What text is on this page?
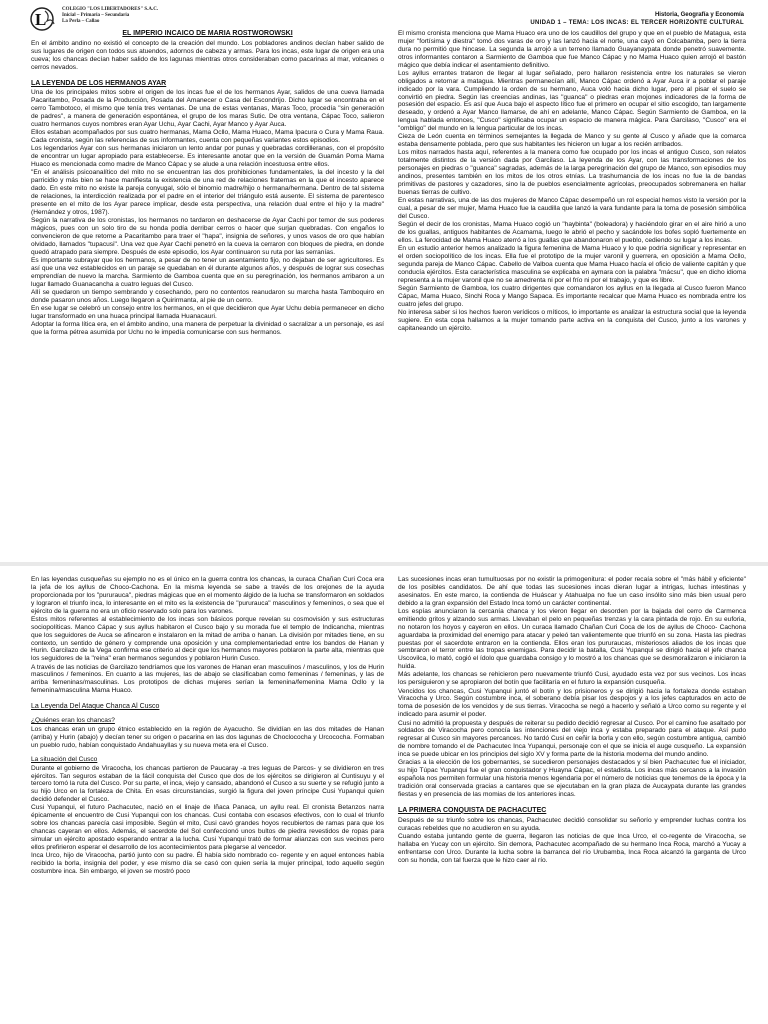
L
COLEGIO "LOS LIBERTADORES" S.A.C.
Inicial – Primaria – Secundaria
La Perla – Callao
Historia, Geografía y Economía
UNIDAD 1 – TEMA: LOS INCAS: EL TERCER HORIZONTE CULTURAL
EL IMPERIO INCAICO DE MARIA ROSTWOROWSKI

En el ámbito andino no existió el concepto de la creación del mundo. Los pobladores andinos decían haber salido de sus lugares de origen con todos sus atuendos, adornos de cabeza y armas. Para los incas, este lugar de origen era una cueva; los chancas decían haber salido de los lagunas mientras otros consideraban como pacarinas al mar, volcanes o cerros nevados.

LA LEYENDA DE LOS HERMANOS AYAR

Una de los principales mitos sobre el origen de los incas fue el de los hermanos Ayar, salidos de una cueva llamada Pacaritambo, Posada de la Producción, Posada del Amanecer o Casa del Escondrijo. Dicho lugar se encontraba en el cerro Tambotoco, el mismo que tenía tres ventanas. De una de estas ventanas, Maras Toco, procedía "sin generación de padres", a manera de generación espontánea, el grupo de los maras Sutic. De otra ventana, Cápac Toco, salieron cuatro hermanos cuyos nombres eran Ayar Uchu, Ayar Cachi, Ayar Manco y Ayar Auca.

Ellos estaban acompañados por sus cuatro hermanas, Mama Ocllo, Mama Huaco, Mama Ipacura o Cura y Mama Raua. Cada cronista, según las referencias de sus informantes, cuenta con pequeñas variantes estos episodios.

Los legendarios Ayar con sus hermanas iniciaron un lento andar por punas y quebradas cordilleranas, con el propósito de encontrar un lugar apropiado para establecerse. Es interesante anotar que en la versión de Guamán Poma Mama Huaco es mencionada como madre de Manco Cápac y se alude a una relación incestuosa entre ellos.

"En el análisis psicoanalítico del mito no se encuentran las dos prohibiciones fundamentales, la del incesto y la del parricidio y más bien se hace manifiesta la existencia de una red de relaciones fraternas en la que el incesto aparece dado. En este mito no existe la pareja conyugal, sólo el binomio madre/hijo o hermana/hermana. Dentro de tal sistema de relaciones, la interdicción realizada por el padre en el interior del triángulo está ausente. El sistema de parentesco presente en el mito de los Ayar parece implicar, desde esta perspectiva, una relación dual entre el hijo y la madre" (Hernández y otros, 1987).

Según la narrativa de los cronistas, los hermanos no tardaron en deshacerse de Ayar Cachi por temor de sus poderes mágicos, pues con un solo tiro de su honda podía derribar cerros o hacer que surjan quebradas. Con engaños lo convencieron de que retorne a Pacaritambo para traer el "hapa", insignia de señores, y unos vasos de oro que habían olvidado, llamados "tupacusi". Una vez que Ayar Cachi penetró en la cueva la cerraron con bloques de piedra, en donde quedó atrapado para siempre. Después de este episodio, los Ayar continuaron su ruta por las serranías.

Es importante subrayar que los hermanos, a pesar de no tener un asentamiento fijo, no dejaban de ser agricultores. Es así que una vez establecidos en un paraje se quedaban en él durante algunos años, y después de lograr sus cosechas emprendían de nuevo la marcha. Sarmiento de Gamboa cuenta que en su peregrinación, los hermanos arribaron a un lugar llamado Guanacancha a cuatro leguas del Cusco.

Allí se quedaron un tiempo sembrando y cosechando, pero no contentos reanudaron su marcha hasta Tamboquiro en donde pasaron unos años. Luego llegaron a Quirirmanta, al pie de un cerro.

En ese lugar se celebró un consejo entre los hermanos, en el que decidieron que Ayar Uchu debía permanecer en dicho lugar transformado en una huaca principal llamada Huanacauri.

Adoptar la forma lítica era, en el ámbito andino, una manera de perpetuar la divinidad o sacralizar a un personaje, es así que la forma pétrea asumida por Uchu no le impedía comunicarse con sus hermanos.

El mismo cronista menciona que Mama Huaco era uno de los caudillos del grupo y que en el pueblo de Matagua, esta mujer "fortísima y diestra" tomó dos varas de oro y las lanzó hacia el norte, una cayó en Colcabamba, pero la tierra dura no permitió que hincase. La segunda la arrojó a un terreno llamado Guayanaypata donde penetró suavemente. otros informantes contaron a Sarmiento de Gamboa que fue Manco Cápac y no Mama Huaco quien arrojó el bastón mágico que debía indicar el asentamiento definitivo.

Los ayllus errantes trataron de llegar al lugar señalado, pero hallaron resistencia entre los naturales se vieron obligados a retornar a matagua. Mientras permanecían allí, Manco Cápac ordenó a Ayar Auca ir a poblar el paraje indicado por la vara. Cumpliendo la orden de su hermano, Auca voló hacia dicho lugar, pero al pisar el suelo se convirtió en piedra. Según las creencias andinas, las "guanca" o piedras eran mojones indicadores de la forma de posesión del espacio. Es así que Auca bajo el aspecto lítico fue el primero en ocupar el sitio escogido, tan largamente deseado, y ordenó a Ayar Manco llamarse, de ahí en adelante, Manco Cápac. Según Sarmiento de Gamboa, en la lengua hablada entonces, "Cusco" significaba ocupar un espacio de manera mágica. Para Garcilaso, "Cusco" era el "ombligo" del mundo en la lengua particular de los incas.

Cieza de León cuenta en términos semejantes la llegada de Manco y su gente al Cusco y añade que la comarca estaba densamente poblada, pero que sus habitantes les hicieron un lugar a los recién arribados.

Los mitos narrados hasta aquí, referentes a la manera como fue ocupado por los incas el antiguo Cusco, son relatos totalmente distintos de la versión dada por Garcilaso. La leyenda de los Ayar, con las transformaciones de los personajes en piedras o "guanca" sagradas, además de la larga peregrinación del grupo de Manco, son episodios muy andinos, presentes también en los mitos de los otros etnías. La trashumancia de los incas no fue la de bandas primitivas de pastores y cazadores, sino la de pueblos esencialmente agrícolas, preocupados sobremanera en hallar buenas tierras de cultivo.

En estas narrativas, una de las dos mujeres de Manco Cápac desempeñó un rol especial hemos visto la versión por la cual, a pesar de ser mujer, Mama Huaco fue la caudilla que lanzó la vara fundante para la toma de posesión simbólica del Cusco.

Según el decir de los cronistas, Mama Huaco cogió un "haybinta" (boleadora) y haciéndolo girar en el aire hirió a uno de los guallas, antiguos habitantes de Acamama, luego le abrió el pecho y sacándole los bofes sopló fuertemente en ellos. La ferocidad de Mama Huaco aterró a los guallas que abandonaron el pueblo, cediendo su lugar a los incas.

En un estudio anterior hemos analizado la figura femenina de Mama Huaco y lo que podría significar y representar en el orden sociopolítico de los incas. Ella fue el prototipo de la mujer varonil y guerrera, en oposición a Mama Ocllo, segunda pareja de Manco Cápac. Cabello de Valboa cuenta que Mama Huaco hacía el oficio de valiente capitán y que conducía ejércitos. Esta característica masculina se explicaba en aymara con la palabra "mácsu", que en dicho idioma representa a la mujer varonil que no se amedrenta ni por el frío ni por el trabajo, y que es libre.

Según Sarmiento de Gamboa, los cuatro dirigentes que comandaron los ayllus en la llegada al Cusco fueron Manco Cápac, Mama Huaco, Sinchi Roca y Mango Sapaca. Es importante recalcar que Mama Huaco es nombrada entre los cuatro jefes del grupo.

No interesa saber si los hechos fueron verídicos o míticos, lo importante es analizar la estructura social que la leyenda sugiere. En esta copa hallamos a la mujer tomando parte activa en la conquista del Cusco, junto a los varones y capitaneando un ejército.

En las leyendas cusqueñas su ejemplo no es el único en la guerra contra los chancas, la curaca Chañan Curi Coca era la jefa de los ayllus de Choco-Cachona. En la misma leyenda se sabe a través de los orejones de la ayuda proporcionada por los "pururauca", piedras mágicas que en el momento álgido de la lucha se transformaron en soldados y lograron el triunfo inca, lo interesante en el mito es la existencia de "pururauca" masculinos y femeninos, o sea que el ejército de la guerra no era un oficio reservado solo para los varones.

Estos mitos referentes al establecimiento de los incas son básicos porque revelan su cosmovisión y sus estructuras sociopolíticas. Manco Cápac y sus ayllus habitaron el Cusco bajo y su morada fue el templo de Indicancha, mientras que los seguidores de Auca se afincaron e instalaron en la mitad de arriba o hanan. La división por mitades tiene, en su contexto, un sentido de género y comprende una oposición y una complementariedad entre los bandos de Hanan y Hurin. Garcilazo de la Vega confirma ese criterio al decir que los hermanos mayores poblaron la parte alta, mientras que los seguidores de la "reina" eran hermanos segundos y poblaron Hurin Cusco.

A través de las noticias de Garcilazo tendríamos que los varones de Hanan eran masculinos / masculinos, y los de Hurin masculinos / femeninos. En cuanto a las mujeres, las de abajo se clasificaban como femeninas / femeninas, y las de arriba femeninas/masculinas. Los prototipos de dichas mujeres serían la femenina/femenina Mama Ocllo y la femenina/masculina Mama Huaco.

La Leyenda Del Ataque Chanca Al Cusco
¿Quiénes eran los chancas?

Los chancas eran un grupo étnico establecido en la región de Ayacucho. Se dividían en las dos mitades de Hanan (arriba) y Hurin (abajo) y decían tener su origen o pacarina en las dos lagunas de Choclococha y Urcococha. Formaban un pueblo rudo, habían conquistado Andahuayllas y su nueva meta era el Cusco.

La situación del Cusco

Durante el gobierno de Viracocha, los chancas partieron de Paucaray -a tres leguas de Parcos- y se dividieron en tres ejércitos. Tan seguros estaban de la fácil conquista del Cusco que dos de los ejércitos se dirigieron al Cuntisuyu y el tercero tomó la ruta del Cusco. Por su parte, el inca, viejo y cansado, abandonó el Cusco a su suerte y se refugió junto a su hijo Urco en la fortaleza de Chita. En esas circunstancias, surgió la figura del joven príncipe Cusi Yupanqui quien decidió defender el Cusco.

Cusi Yupanqui, el futuro Pachacutec, nació en el linaje de Iñaca Panaca, un ayllu real. El cronista Betanzos narra épicamente el encuentro de Cusi Yupanqui con los chancas. Cusi contaba con escasos efectivos, con lo cual el triunfo sobre los chancas parecía casi imposible. Según el mito, Cusi cavó grandes hoyos recubiertos de ramas para que los chancas cayeran en ellos. Además, el sacerdote del Sol confeccionó unos bultos de piedra revestidos de ropas para simular un ejército apostado esperando entrar a la lucha. Cusi Yupanqui trató de formar alianzas con sus vecinos pero ellos prefirieron esperar el desarrollo de los acontecimientos para plegarse al vencedor.

Inca Urco, hijo de Viracocha, partió junto con su padre. Él había sido nombrado co- regente y en aquel entonces había recibido la borla, insignia del poder, y ese mismo día se casó con quien sería la mujer principal, todo aquello según costumbre inca. Sin embargo, el joven se mostró poco

Las sucesiones incas eran tumultuosas por no existir la primogenitura: el poder recaía sobre el "más hábil y eficiente" de los posibles candidatos. De ahí que todas las sucesiones incas dieran lugar a intrigas, luchas intestinas y asesinatos. En este marco, la contienda de Huáscar y Atahualpa no fue un caso insólito sino más bien usual pero debido a la gran expansión del Estado Inca tomó un carácter continental.

Los espías anunciaron la cercanía chanca y los vieron llegar en desorden por la bajada del cerro de Carmenca emitiendo gritos y alzando sus armas. Llevaban el pelo en pequeñas trenzas y la cara pintada de rojo. En su euforia, no notaron los hoyos y cayeron en ellos. Un curaca llamado Chañan Curi Coca de los de ayllus de Choco- Cachona aguardaba la proximidad del enemigo para atacar y peleó tan valientemente que triunfó en su zona. Hasta las piedras puestas por el sacerdote entraron en la contienda. Ellos eran los pururaucas, misteriosos aliados de los incas que sembraron el terror entre las tropas enemigas. Para decidir la batalla, Cusi Yupanqui se dirigió hacia el jefe chanca Uscovilca, lo mató, cogió el ídolo que guardaba consigo y lo mostró a los chancas que se desmoralizaron e iniciaron la huida.

Más adelante, los chancas se rehicieron pero nuevamente triunfó Cusi, ayudado esta vez por sus vecinos. Los incas los persiguieron y se apropiaron del botín que facilitaría en el futuro la expansión cusqueña.

Vencidos los chancas, Cusi Yupanqui juntó el botín y los prisioneros y se dirigió hacia la fortaleza donde estaban Viracocha y Urco. Según costumbre inca, el soberano debía pisar los despojos y a los jefes capturados en acto de toma de posesión de los vencidos y de sus tierras. Viracocha se negó a hacerlo y señaló a Urco como su regente y el indicado para asumir el poder.

Cusi no admitió la propuesta y después de reiterar su pedido decidió regresar al Cusco. Por el camino fue asaltado por soldados de Viracocha pero conocía las intenciones del viejo inca y estaba preparado para el ataque. Así pudo regresar al Cusco sin mayores percances. No tardó Cusi en ceñir la borla y con ello, según costumbre antigua, cambió de nombre tomando el de Pachacutec Inca Yupanqui, personaje con el que se inicia el auge cusqueño. La expansión inca se puede ubicar en los principios del siglo XV y forma parte de la historia moderna del mundo andino.

Gracias a la elección de los gobernantes, se sucedieron personajes destacados y sí bien Pachacutec fue el iniciador, su hijo Túpac Yupanqui fue el gran conquistador y Huayna Cápac, el estadista. Los incas más cercanos a la invasión española nos permiten formular una historia menos legendaria por el número de noticias que tenemos de la época y la tradición oral conservada gracias a cantares que se ejecutaban en la gran plaza de Aucaypata durante las grandes fiestas y en presencia de las momias de los anteriores incas.

LA PRIMERA CONQUISTA DE PACHACUTEC

Después de su triunfo sobre los chancas, Pachacutec decidió consolidar su señorío y emprender luchas contra los curacas rebeldes que no acudieron en su ayuda.

Cuando estaba juntando gente de guerra, llegaron las noticias de que Inca Urco, el co-regente de Viracocha, se hallaba en Yucay con un ejército. Sin demora, Pachacutec acompañado de su hermano Inca Roca, marchó a Yucay a enfrentarse con Urco. Durante la lucha sobre la barranca del río Urubamba, Inca Roca alcanzó la garganta de Urco con su honda, con tal fuerza que le hizo caer al río.
